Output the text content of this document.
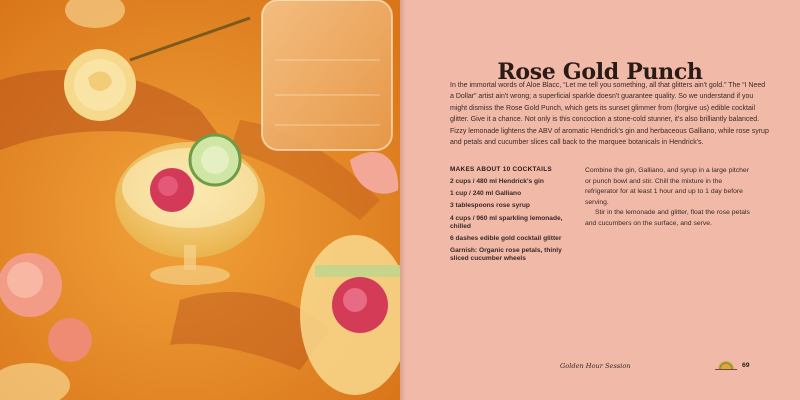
Rose Gold Punch

In the immortal words of Aloe Blacc, “Let me tell you something, all that glitters ain't gold.” The “I Need a Dollar” artist ain't wrong; a superficial sparkle doesn't guarantee quality. So we understand if you might dismiss the Rose Gold Punch, which gets its sunset glimmer from (forgive us) edible cocktail glitter. Give it a chance. Not only is this concoction a stone-cold stunner, it's also brilliantly balanced. Fizzy lemonade lightens the ABV of aromatic Hendrick's gin and herbaceous Galliano, while rose syrup and petals and cucumber slices call back to the marquee botanicals in Hendrick's.

MAKES ABOUT 10 COCKTAILS

2 cups / 480 ml Hendrick's gin
1 cup / 240 ml Galliano
3 tablespoons rose syrup
4 cups / 960 ml sparkling lemonade, chilled
6 dashes edible gold cocktail glitter

Garnish: Organic rose petals, thinly sliced cucumber wheels

Combine the gin, Galliano, and syrup in a large pitcher or punch bowl and stir. Chill the mixture in the refrigerator for at least 1 hour and up to 1 day before serving.

Stir in the lemonade and glitter, float the rose petals and cucumbers on the surface, and serve.

Golden Hour Session	69
